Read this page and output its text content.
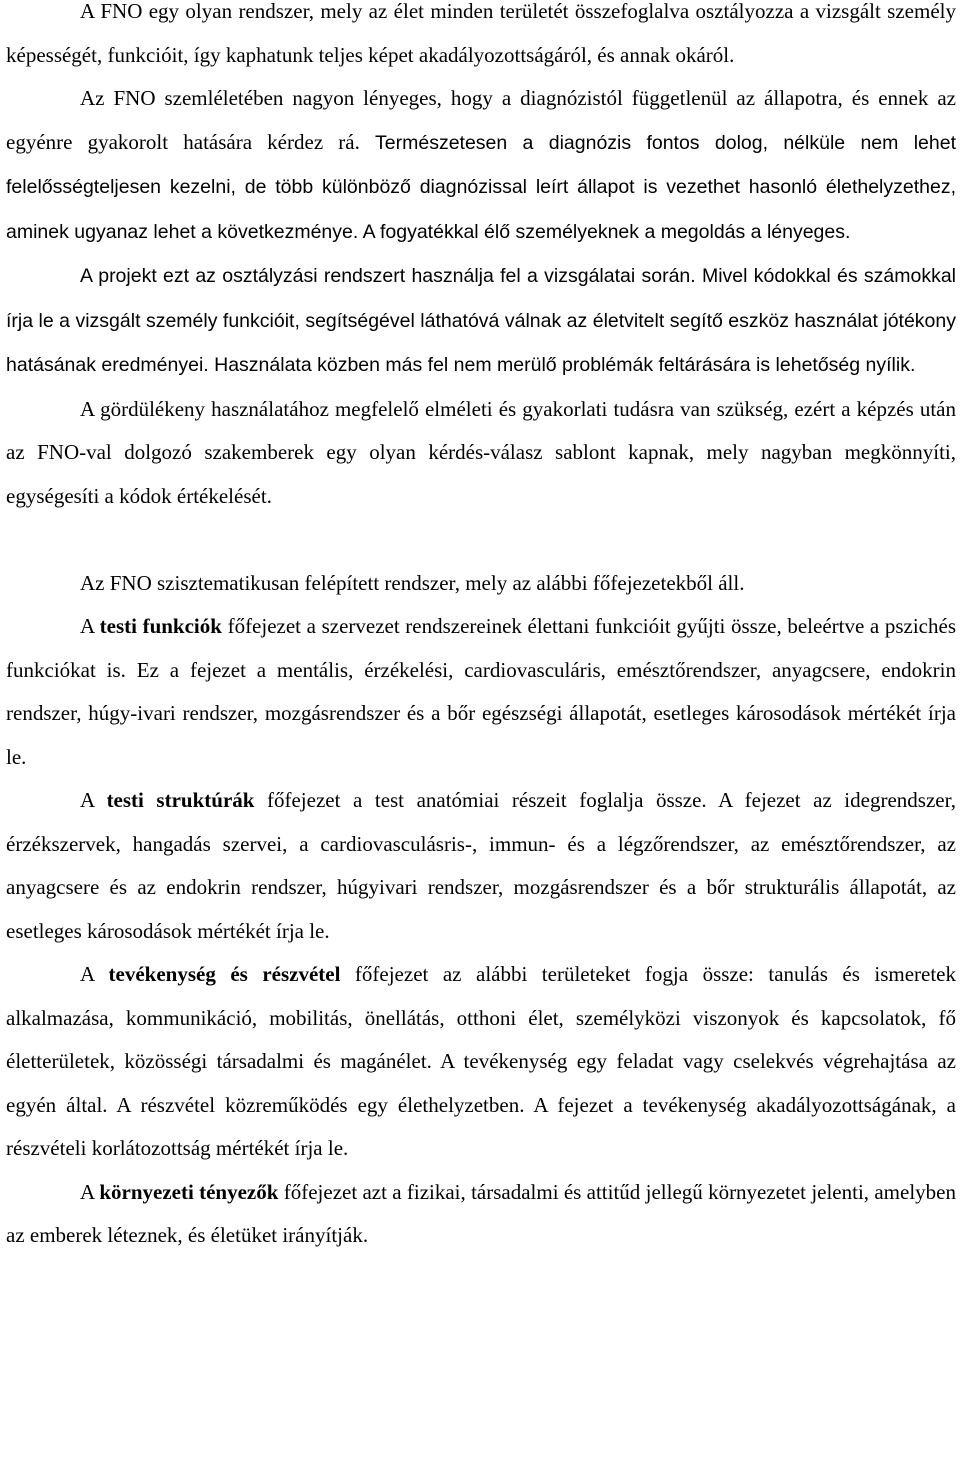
A FNO egy olyan rendszer, mely az élet minden területét összefoglalva osztályozza a vizsgált személy képességét, funkcióit, így kaphatunk teljes képet akadályozottságáról, és annak okáról.

Az FNO szemléletében nagyon lényeges, hogy a diagnózistól függetlenül az állapotra, és ennek az egyénre gyakorolt hatására kérdez rá. Természetesen a diagnózis fontos dolog, nélküle nem lehet felelősségteljesen kezelni, de több különböző diagnózissal leírt állapot is vezethet hasonló élethelyzethez, aminek ugyanaz lehet a következménye. A fogyatékkal élő személyeknek a megoldás a lényeges.

A projekt ezt az osztályzási rendszert használja fel a vizsgálatai során. Mivel kódokkal és számokkal írja le a vizsgált személy funkcióit, segítségével láthatóvá válnak az életvitelt segítő eszköz használat jótékony hatásának eredményei. Használata közben más fel nem merülő problémák feltárására is lehetőség nyílik.

A gördülékeny használatához megfelelő elméleti és gyakorlati tudásra van szükség, ezért a képzés után az FNO-val dolgozó szakemberek egy olyan kérdés-válasz sablont kapnak, mely nagyban megkönnyíti, egységesíti a kódok értékelését.

Az FNO szisztematikusan felépített rendszer, mely az alábbi főfejezetekből áll.

A testi funkciók főfejezet a szervezet rendszereinek élettani funkcióit gyűjti össze, beleértve a pszichés funkciókat is. Ez a fejezet a mentális, érzékelési, cardiovasculáris, emésztőrendszer, anyagcsere, endokrin rendszer, húgy-ivari rendszer, mozgásrendszer és a bőr egészségi állapotát, esetleges károsodások mértékét írja le.

A testi struktúrák főfejezet a test anatómiai részeit foglalja össze. A fejezet az idegrendszer, érzékszervek, hangadás szervei, a cardiovasculásris-, immun- és a légzőrendszer, az emésztőrendszer, az anyagcsere és az endokrin rendszer, húgyivari rendszer, mozgásrendszer és a bőr strukturális állapotát, az esetleges károsodások mértékét írja le.

A tevékenység és részvétel főfejezet az alábbi területeket fogja össze: tanulás és ismeretek alkalmazása, kommunikáció, mobilitás, önellátás, otthoni élet, személyközi viszonyok és kapcsolatok, fő életterületek, közösségi társadalmi és magánélet. A tevékenység egy feladat vagy cselekvés végrehajtása az egyén által. A részvétel közreműködés egy élethelyzetben. A fejezet a tevékenység akadályozottságának, a részvételi korlátozottság mértékét írja le.

A környezeti tényezők főfejezet azt a fizikai, társadalmi és attitűd jellegű környezetet jelenti, amelyben az emberek léteznek, és életüket irányítják.
